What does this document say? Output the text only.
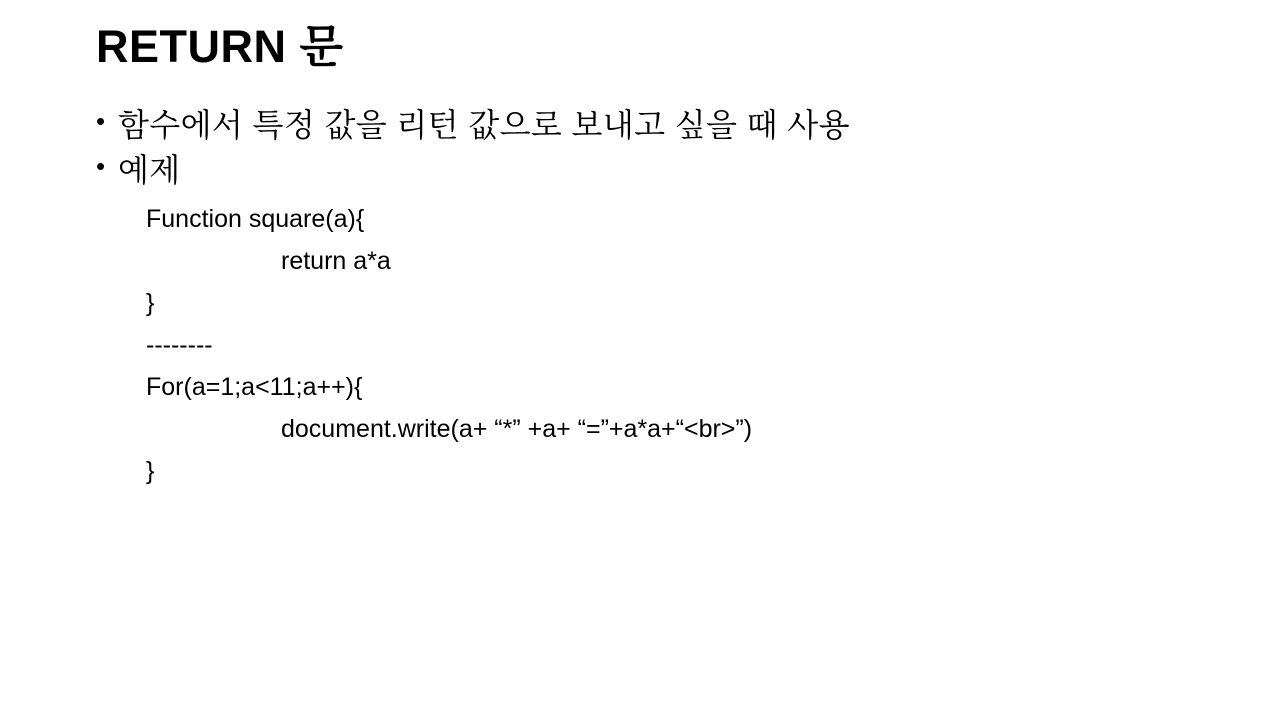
RETURN 문
• 함수에서 특정 값을 리턴 값으로 보내고 싶을 때 사용
• 예제
Function square(a){
return a*a
}
--------
For(a=1;a<11;a++){
document.write(a+ “*” +a+ “=”+a*a+“<br>”)
}
